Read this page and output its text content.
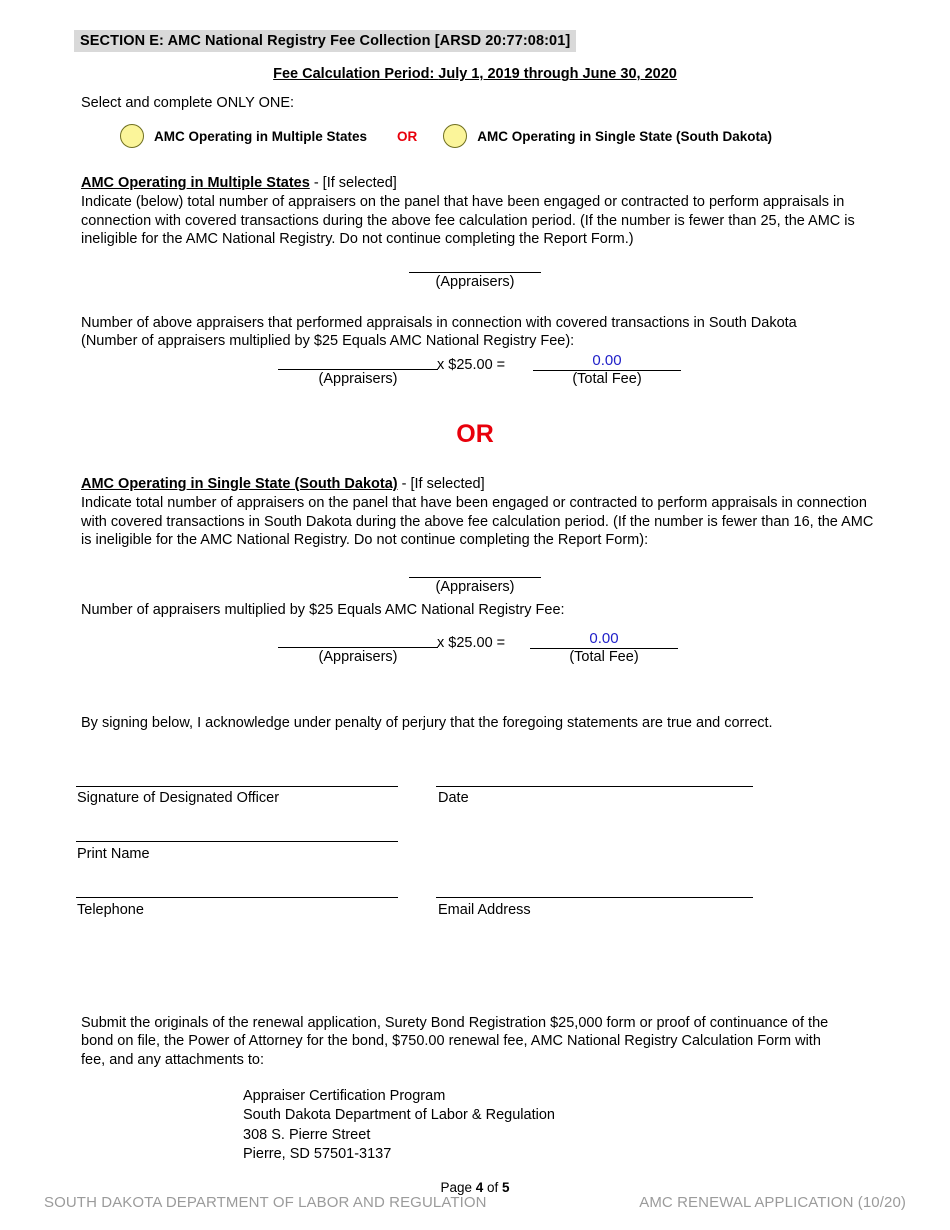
SECTION E: AMC National Registry Fee Collection [ARSD 20:77:08:01]
Fee Calculation Period: July 1, 2019 through June 30, 2020
Select and complete ONLY ONE:
AMC Operating in Multiple States OR	AMC Operating in Single State (South Dakota)
AMC Operating in Multiple States - [If selected]
Indicate (below) total number of appraisers on the panel that have been engaged or contracted to perform appraisals in connection with covered transactions during the above fee calculation period. (If the number is fewer than 25, the AMC is ineligible for the AMC National Registry. Do not continue completing the Report Form.)
(Appraisers)
Number of above appraisers that performed appraisals in connection with covered transactions in South Dakota
(Number of appraisers multiplied by $25 Equals AMC National Registry Fee):
(Appraisers)
x $25.00 =	0.00
(Total Fee)
OR
AMC Operating in Single State (South Dakota) - [If selected]
Indicate total number of appraisers on the panel that have been engaged or contracted to perform appraisals in connection with covered transactions in South Dakota during the above fee calculation period. (If the number is fewer than 16, the AMC is ineligible for the AMC National Registry. Do not continue completing the Report Form):
(Appraisers)
Number of appraisers multiplied by $25 Equals AMC National Registry Fee:
(Appraisers)
x $25.00 =	0.00
(Total Fee)
By signing below, I acknowledge under penalty of perjury that the foregoing statements are true and correct.
Signature of Designated Officer	Date
Print Name
Telephone	Email Address
Submit the originals of the renewal application, Surety Bond Registration $25,000 form or proof of continuance of the bond on file, the Power of Attorney for the bond, $750.00 renewal fee, AMC National Registry Calculation Form with fee, and any attachments to:
Appraiser Certification Program
South Dakota Department of Labor & Regulation
308 S. Pierre Street
Pierre, SD 57501-3137
Page 4 of 5
SOUTH DAKOTA DEPARTMENT OF LABOR AND REGULATION	AMC RENEWAL APPLICATION (10/20)
